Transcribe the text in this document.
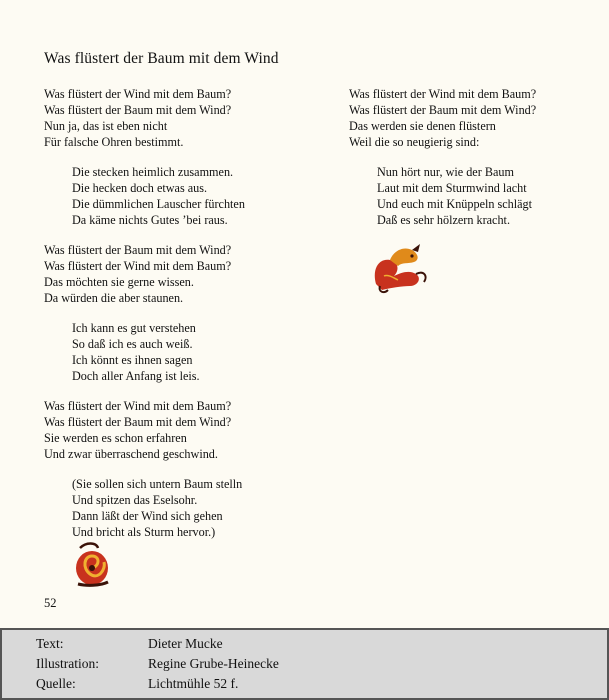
Was flüstert der Baum mit dem Wind
Was flüstert der Wind mit dem Baum?
Was flüstert der Baum mit dem Wind?
Nun ja, das ist eben nicht
Für falsche Ohren bestimmt.
Die stecken heimlich zusammen.
Die hecken doch etwas aus.
Die dümmlichen Lauscher fürchten
Da käme nichts Gutes ’bei raus.
Was flüstert der Baum mit dem Wind?
Was flüstert der Wind mit dem Baum?
Das möchten sie gerne wissen.
Da würden die aber staunen.
Ich kann es gut verstehen
So daß ich es auch weiß.
Ich könnt es ihnen sagen
Doch aller Anfang ist leis.
Was flüstert der Wind mit dem Baum?
Was flüstert der Baum mit dem Wind?
Sie werden es schon erfahren
Und zwar überraschend geschwind.
(Sie sollen sich untern Baum stelln
Und spitzen das Eselsohr.
Dann läßt der Wind sich gehen
Und bricht als Sturm hervor.)
Was flüstert der Wind mit dem Baum?
Was flüstert der Baum mit dem Wind?
Das werden sie denen flüstern
Weil die so neugierig sind:
Nun hört nur, wie der Baum
Laut mit dem Sturmwind lacht
Und euch mit Knüppeln schlägt
Daß es sehr hölzern kracht.
52
Text:	Dieter Mucke
Illustration:	Regine Grube-Heinecke
Quelle:	Lichtmühle 52 f.
